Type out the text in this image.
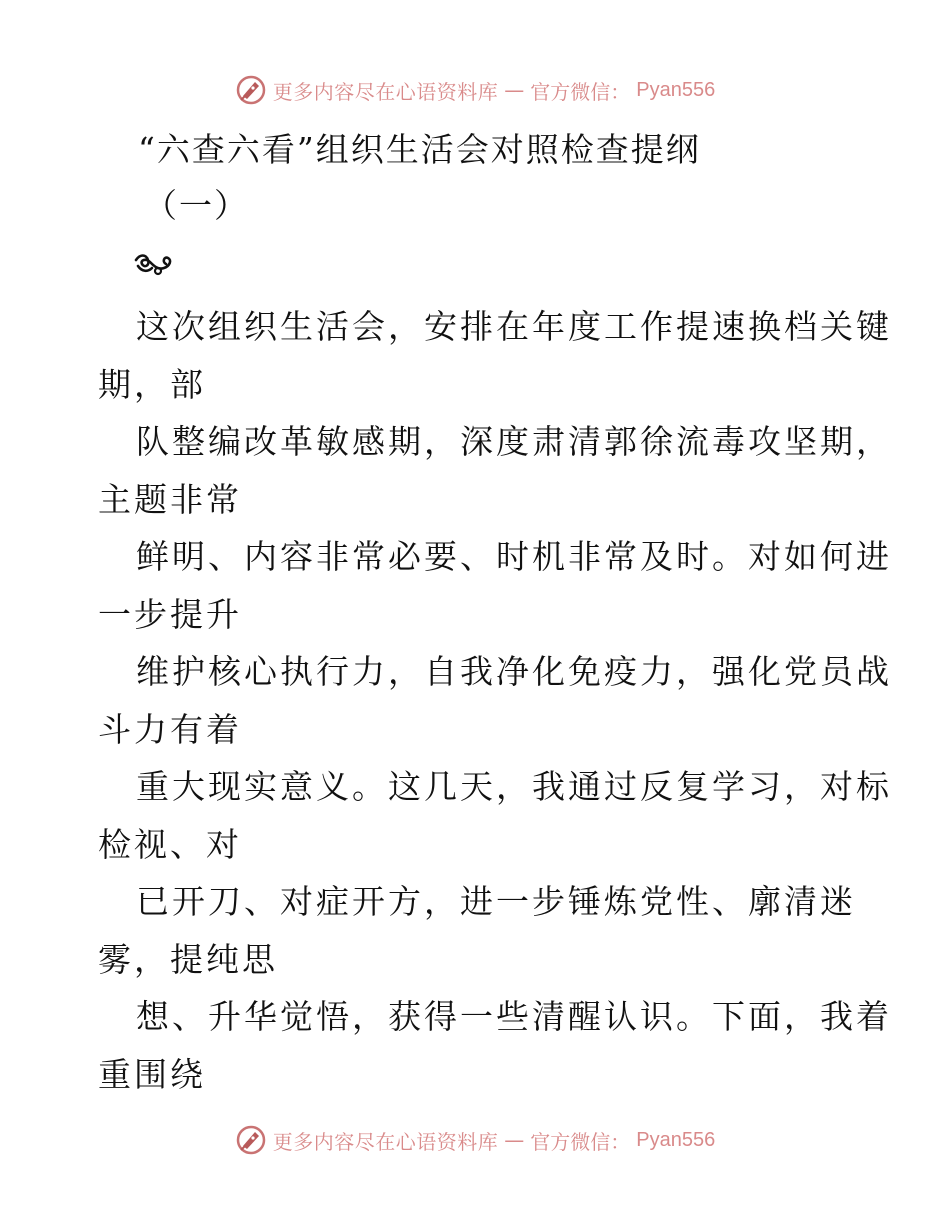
更多内容尽在心语资料库 — 官方微信： Pyan556
“六查六看”组织生活会对照检查提纲
（一）
这次组织生活会，安排在年度工作提速换档关键
期，部
队整编改革敏感期，深度肃清郭徐流毒攻坚期，
主题非常
鲜明、内容非常必要、时机非常及时。对如何进
一步提升
维护核心执行力，自我净化免疫力，强化党员战
斗力有着
重大现实意义。这几天，我通过反复学习，对标
检视、对
已开刀、对症开方，进一步锤炼党性、廓清迷
雾，提纯思
想、升华觉悟，获得一些清醒认识。下面，我着
重围绕
更多内容尽在心语资料库 — 官方微信： Pyan556
